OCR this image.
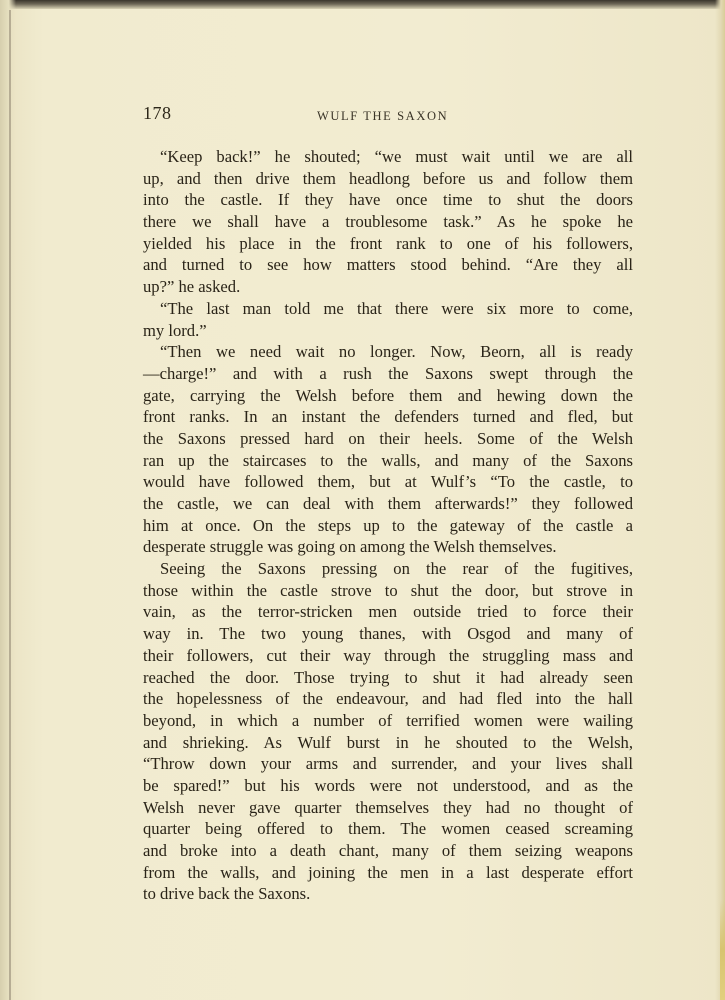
178	WULF THE SAXON
“Keep back!” he shouted; “we must wait until we are all
up, and then drive them headlong before us and follow them
into the castle. If they have once time to shut the doors
there we shall have a troublesome task.” As he spoke he
yielded his place in the front rank to one of his followers,
and turned to see how matters stood behind. “Are they all
up?” he asked.
“The last man told me that there were six more to come,
my lord.”
“Then we need wait no longer. Now, Beorn, all is ready
—charge!” and with a rush the Saxons swept through the
gate, carrying the Welsh before them and hewing down the
front ranks. In an instant the defenders turned and fled, but
the Saxons pressed hard on their heels. Some of the Welsh
ran up the staircases to the walls, and many of the Saxons
would have followed them, but at Wulf’s “To the castle, to
the castle, we can deal with them afterwards!” they followed
him at once. On the steps up to the gateway of the castle a
desperate struggle was going on among the Welsh themselves.
Seeing the Saxons pressing on the rear of the fugitives,
those within the castle strove to shut the door, but strove in
vain, as the terror-stricken men outside tried to force their
way in. The two young thanes, with Osgod and many of
their followers, cut their way through the struggling mass and
reached the door. Those trying to shut it had already seen
the hopelessness of the endeavour, and had fled into the hall
beyond, in which a number of terrified women were wailing
and shrieking. As Wulf burst in he shouted to the Welsh,
“Throw down your arms and surrender, and your lives shall
be spared!” but his words were not understood, and as the
Welsh never gave quarter themselves they had no thought of
quarter being offered to them. The women ceased screaming
and broke into a death chant, many of them seizing weapons
from the walls, and joining the men in a last desperate effort
to drive back the Saxons.
